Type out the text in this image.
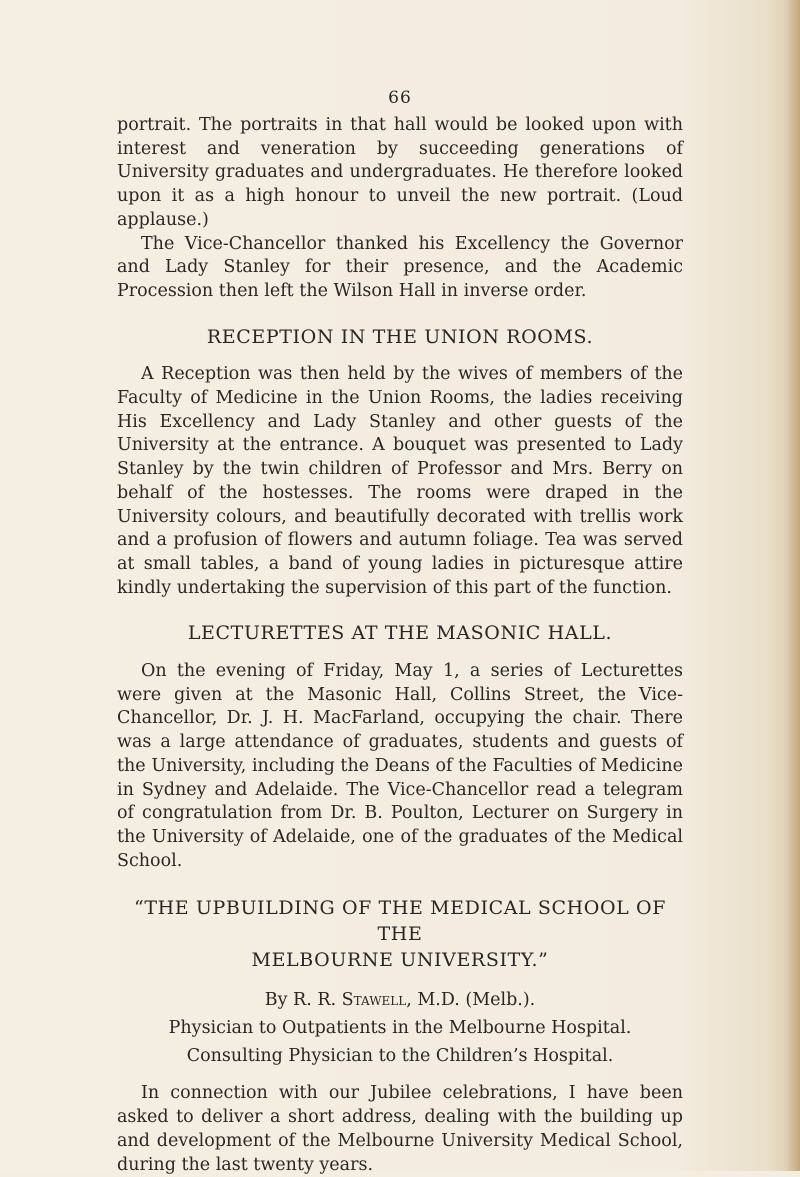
66

portrait. The portraits in that hall would be looked upon with interest and veneration by succeeding generations of University graduates and undergraduates. He therefore looked upon it as a high honour to unveil the new portrait. (Loud applause.)

The Vice-Chancellor thanked his Excellency the Governor and Lady Stanley for their presence, and the Academic Procession then left the Wilson Hall in inverse order.

RECEPTION IN THE UNION ROOMS.

A Reception was then held by the wives of members of the Faculty of Medicine in the Union Rooms, the ladies receiving His Excellency and Lady Stanley and other guests of the University at the entrance. A bouquet was presented to Lady Stanley by the twin children of Professor and Mrs. Berry on behalf of the hostesses. The rooms were draped in the University colours, and beautifully decorated with trellis work and a profusion of flowers and autumn foliage. Tea was served at small tables, a band of young ladies in picturesque attire kindly undertaking the supervision of this part of the function.

LECTURETTES AT THE MASONIC HALL.

On the evening of Friday, May 1, a series of Lecturettes were given at the Masonic Hall, Collins Street, the Vice-Chancellor, Dr. J. H. MacFarland, occupying the chair. There was a large attendance of graduates, students and guests of the University, including the Deans of the Faculties of Medicine in Sydney and Adelaide. The Vice-Chancellor read a telegram of congratulation from Dr. B. Poulton, Lecturer on Surgery in the University of Adelaide, one of the graduates of the Medical School.

“THE UPBUILDING OF THE MEDICAL SCHOOL OF THE
MELBOURNE UNIVERSITY.”
By R. R. Stawell, M.D. (Melb.).
Physician to Outpatients in the Melbourne Hospital.
Consulting Physician to the Children’s Hospital.

In connection with our Jubilee celebrations, I have been asked to deliver a short address, dealing with the building up and development of the Melbourne University Medical School, during the last twenty years.
